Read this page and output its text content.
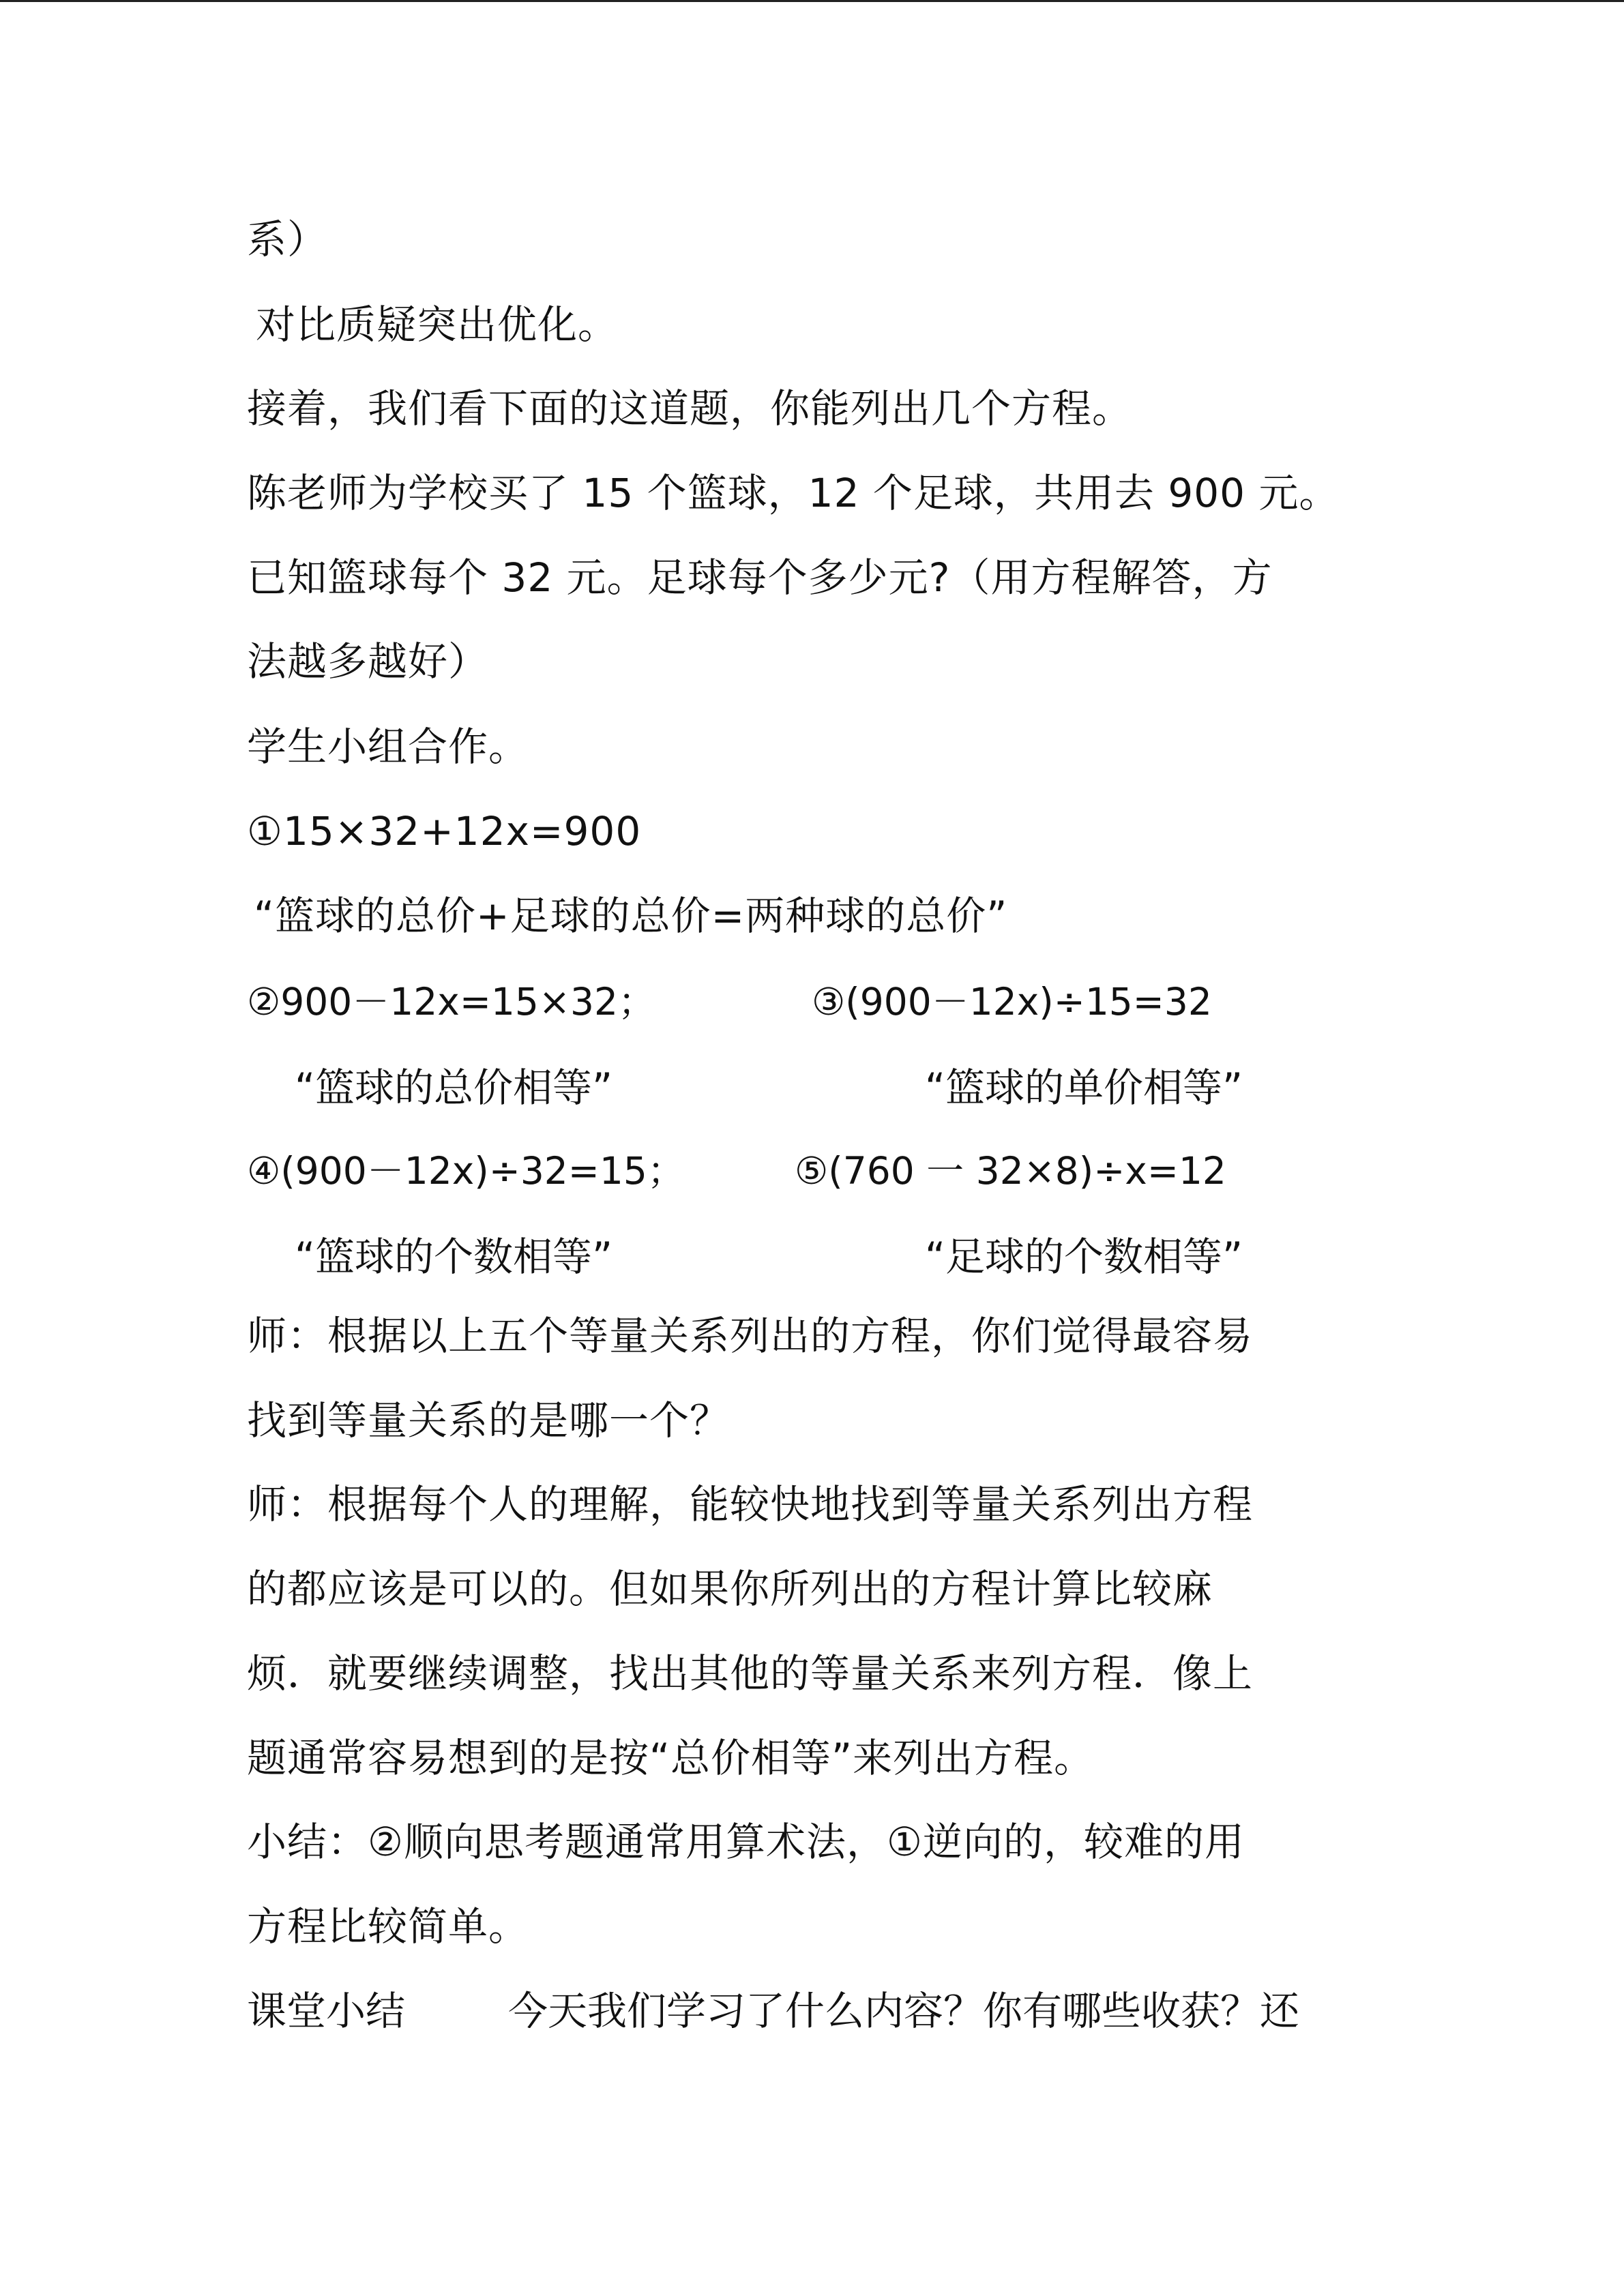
系）
对比质疑突出优化。
接着，我们看下面的这道题，你能列出几个方程。
陈老师为学校买了 15 个篮球，12 个足球，共用去 900 元。
已知篮球每个 32 元。足球每个多少元?（用方程解答，方
法越多越好）
学生小组合作。
①15×32+12x=900
“篮球的总价+足球的总价=两种球的总价”
②900－12x=15×32；	③(900－12x)÷15=32
“篮球的总价相等”	“篮球的单价相等”
④(900－12x)÷32=15；	⑤(760 一 32×8)÷x=12
“篮球的个数相等”	“足球的个数相等”
师：根据以上五个等量关系列出的方程，你们觉得最容易
找到等量关系的是哪一个？
师：根据每个人的理解，能较快地找到等量关系列出方程
的都应该是可以的。但如果你所列出的方程计算比较麻
烦．就要继续调整，找出其他的等量关系来列方程．像上
题通常容易想到的是按“总价相等”来列出方程。
小结：②顺向思考题通常用算术法，①逆向的，较难的用
方程比较简单。
课堂小结	今天我们学习了什么内容？你有哪些收获？还
